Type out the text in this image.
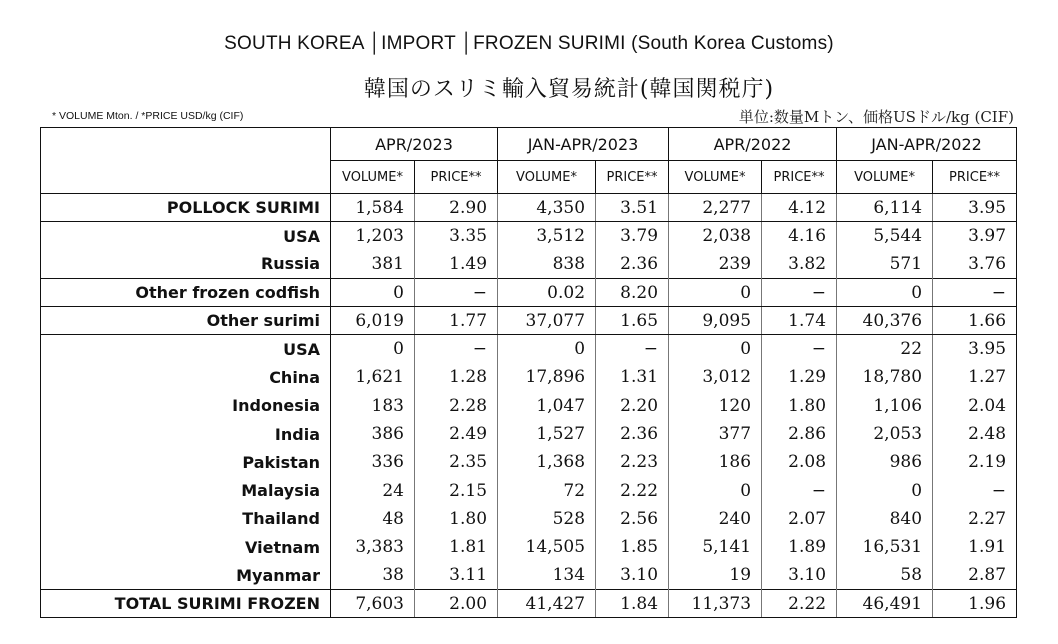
SOUTH KOREA │IMPORT │FROZEN SURIMI (South Korea Customs)
韓国のスリミ輸入貿易統計(韓国関税庁)
* VOLUME Mton. / *PRICE USD/kg (CIF)	単位:数量Mトン、価格USドル/kg (CIF)
	APR/2023		JAN-APR/2023		APR/2022		JAN-APR/2022	
	VOLUME*	PRICE**	VOLUME*	PRICE**	VOLUME*	PRICE**	VOLUME*	PRICE**
POLLOCK SURIMI	1,584	2.90	4,350	3.51	2,277	4.12	6,114	3.95
USA	1,203	3.35	3,512	3.79	2,038	4.16	5,544	3.97
Russia	381	1.49	838	2.36	239	3.82	571	3.76
Other frozen codfish	0	−	0.02	8.20	0	−	0	−
Other surimi	6,019	1.77	37,077	1.65	9,095	1.74	40,376	1.66
USA	0	−	0	−	0	−	22	3.95
China	1,621	1.28	17,896	1.31	3,012	1.29	18,780	1.27
Indonesia	183	2.28	1,047	2.20	120	1.80	1,106	2.04
India	386	2.49	1,527	2.36	377	2.86	2,053	2.48
Pakistan	336	2.35	1,368	2.23	186	2.08	986	2.19
Malaysia	24	2.15	72	2.22	0	−	0	−
Thailand	48	1.80	528	2.56	240	2.07	840	2.27
Vietnam	3,383	1.81	14,505	1.85	5,141	1.89	16,531	1.91
Myanmar	38	3.11	134	3.10	19	3.10	58	2.87
TOTAL SURIMI FROZEN	7,603	2.00	41,427	1.84	11,373	2.22	46,491	1.96
